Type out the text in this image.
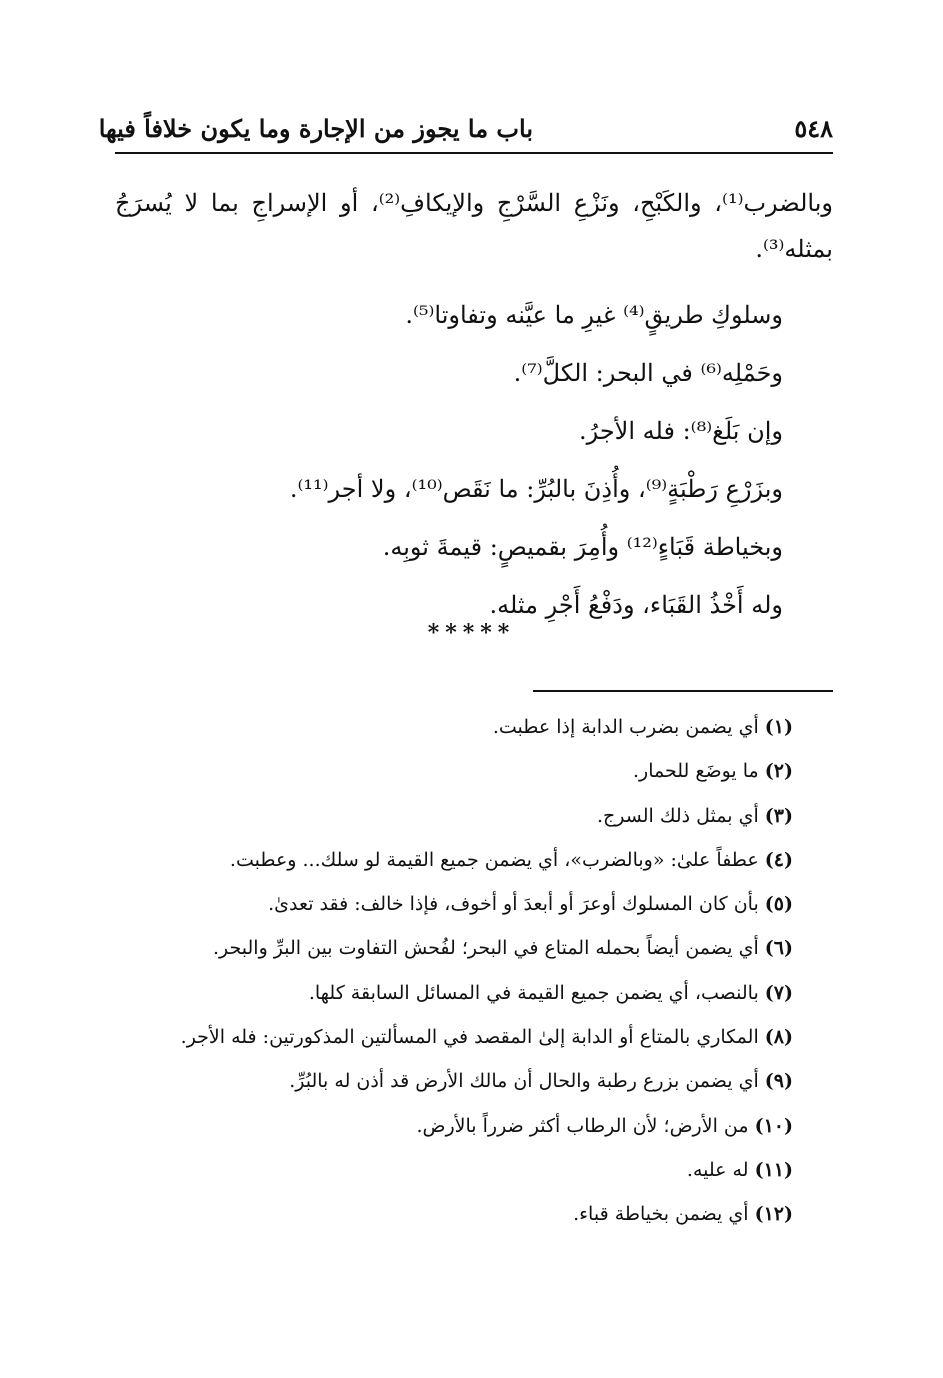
باب ما يجوز من الإجارة وما يكون خلافاً فيها	٥٤٨

وبالضرب⁽¹⁾، والكَبْحِ، ونَزْعِ السَّرْجِ والإيكافِ⁽²⁾، أو الإسراجِ بما لا يُسرَجُ بمثله⁽³⁾.

وسلوكِ طريقٍ⁽⁴⁾ غيرِ ما عيَّنه وتفاوتا⁽⁵⁾.
وحَمْلِه⁽⁶⁾ في البحر: الكلَّ⁽⁷⁾.
وإن بَلَغ⁽⁸⁾: فله الأجرُ.
وبزَرْعِ رَطْبَةٍ⁽⁹⁾، وأُذِنَ بالبُرِّ: ما نَقَص⁽¹⁰⁾، ولا أجر⁽¹¹⁾.
وبخياطة قَبَاءٍ⁽¹²⁾ وأُمِرَ بقميصٍ: قيمةَ ثوبِه.
وله أَخْذُ القَبَاء، ودَفْعُ أَجْرِ مثله.
*****
(١) أي يضمن بضرب الدابة إذا عطبت.
(٢) ما يوضَع للحمار.
(٣) أي بمثل ذلك السرج.
(٤) عطفاً علىٰ: «وبالضرب»، أي يضمن جميع القيمة لو سلك... وعطبت.
(٥) بأن كان المسلوك أوعرَ أو أبعدَ أو أخوف، فإذا خالف: فقد تعدىٰ.
(٦) أي يضمن أيضاً بحمله المتاع في البحر؛ لفُحش التفاوت بين البرِّ والبحر.
(٧) بالنصب، أي يضمن جميع القيمة في المسائل السابقة كلها.
(٨) المكاري بالمتاع أو الدابة إلىٰ المقصد في المسألتين المذكورتين: فله الأجر.
(٩) أي يضمن بزرع رطبة والحال أن مالك الأرض قد أذن له بالبُرِّ.
(١٠) من الأرض؛ لأن الرطاب أكثر ضرراً بالأرض.
(١١) له عليه.
(١٢) أي يضمن بخياطة قباء.
